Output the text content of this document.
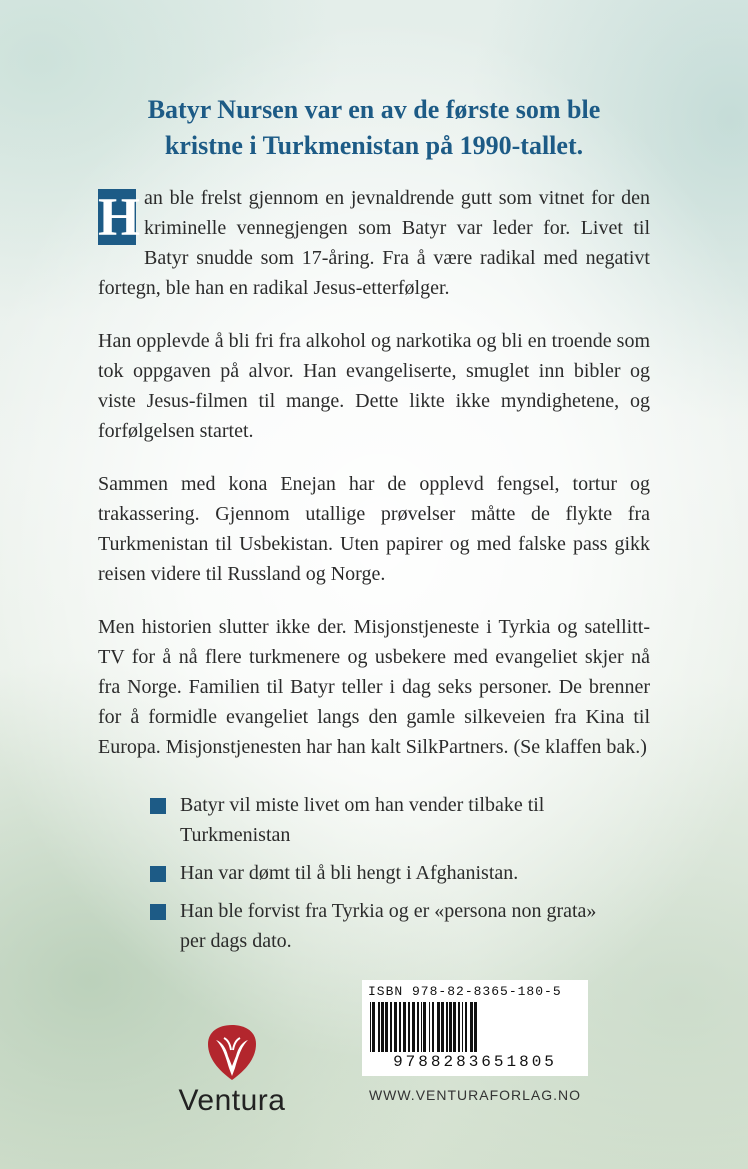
Batyr Nursen var en av de første som ble
kristne i Turkmenistan på 1990-tallet.

H an ble frelst gjennom en jevnaldrende gutt som vitnet for den kriminelle vennegjengen som Batyr var leder for. Livet til Batyr snudde som 17-åring. Fra å være radikal med negativt fortegn, ble han en radikal Jesus-etterfølger.

Han opplevde å bli fri fra alkohol og narkotika og bli en troende som tok oppgaven på alvor. Han evangeliserte, smuglet inn bibler og viste Jesus-filmen til mange. Dette likte ikke myndighetene, og forfølgelsen startet.

Sammen med kona Enejan har de opplevd fengsel, tortur og trakassering. Gjennom utallige prøvelser måtte de flykte fra Turkmenistan til Usbekistan. Uten papirer og med falske pass gikk reisen videre til Russland og Norge.

Men historien slutter ikke der. Misjonstjeneste i Tyrkia og satellitt-TV for å nå flere turkmenere og usbekere med evangeliet skjer nå fra Norge. Familien til Batyr teller i dag seks personer. De brenner for å formidle evangeliet langs den gamle silkeveien fra Kina til Europa. Misjonstjenesten har han kalt SilkPartners. (Se klaffen bak.)

Batyr vil miste livet om han vender tilbake til Turkmenistan
Han var dømt til å bli hengt i Afghanistan.
Han ble forvist fra Tyrkia og er «persona non grata» per dags dato.
Ventura
ISBN 978-82-8365-180-5
9788283651805
WWW.VENTURAFORLAG.NO
